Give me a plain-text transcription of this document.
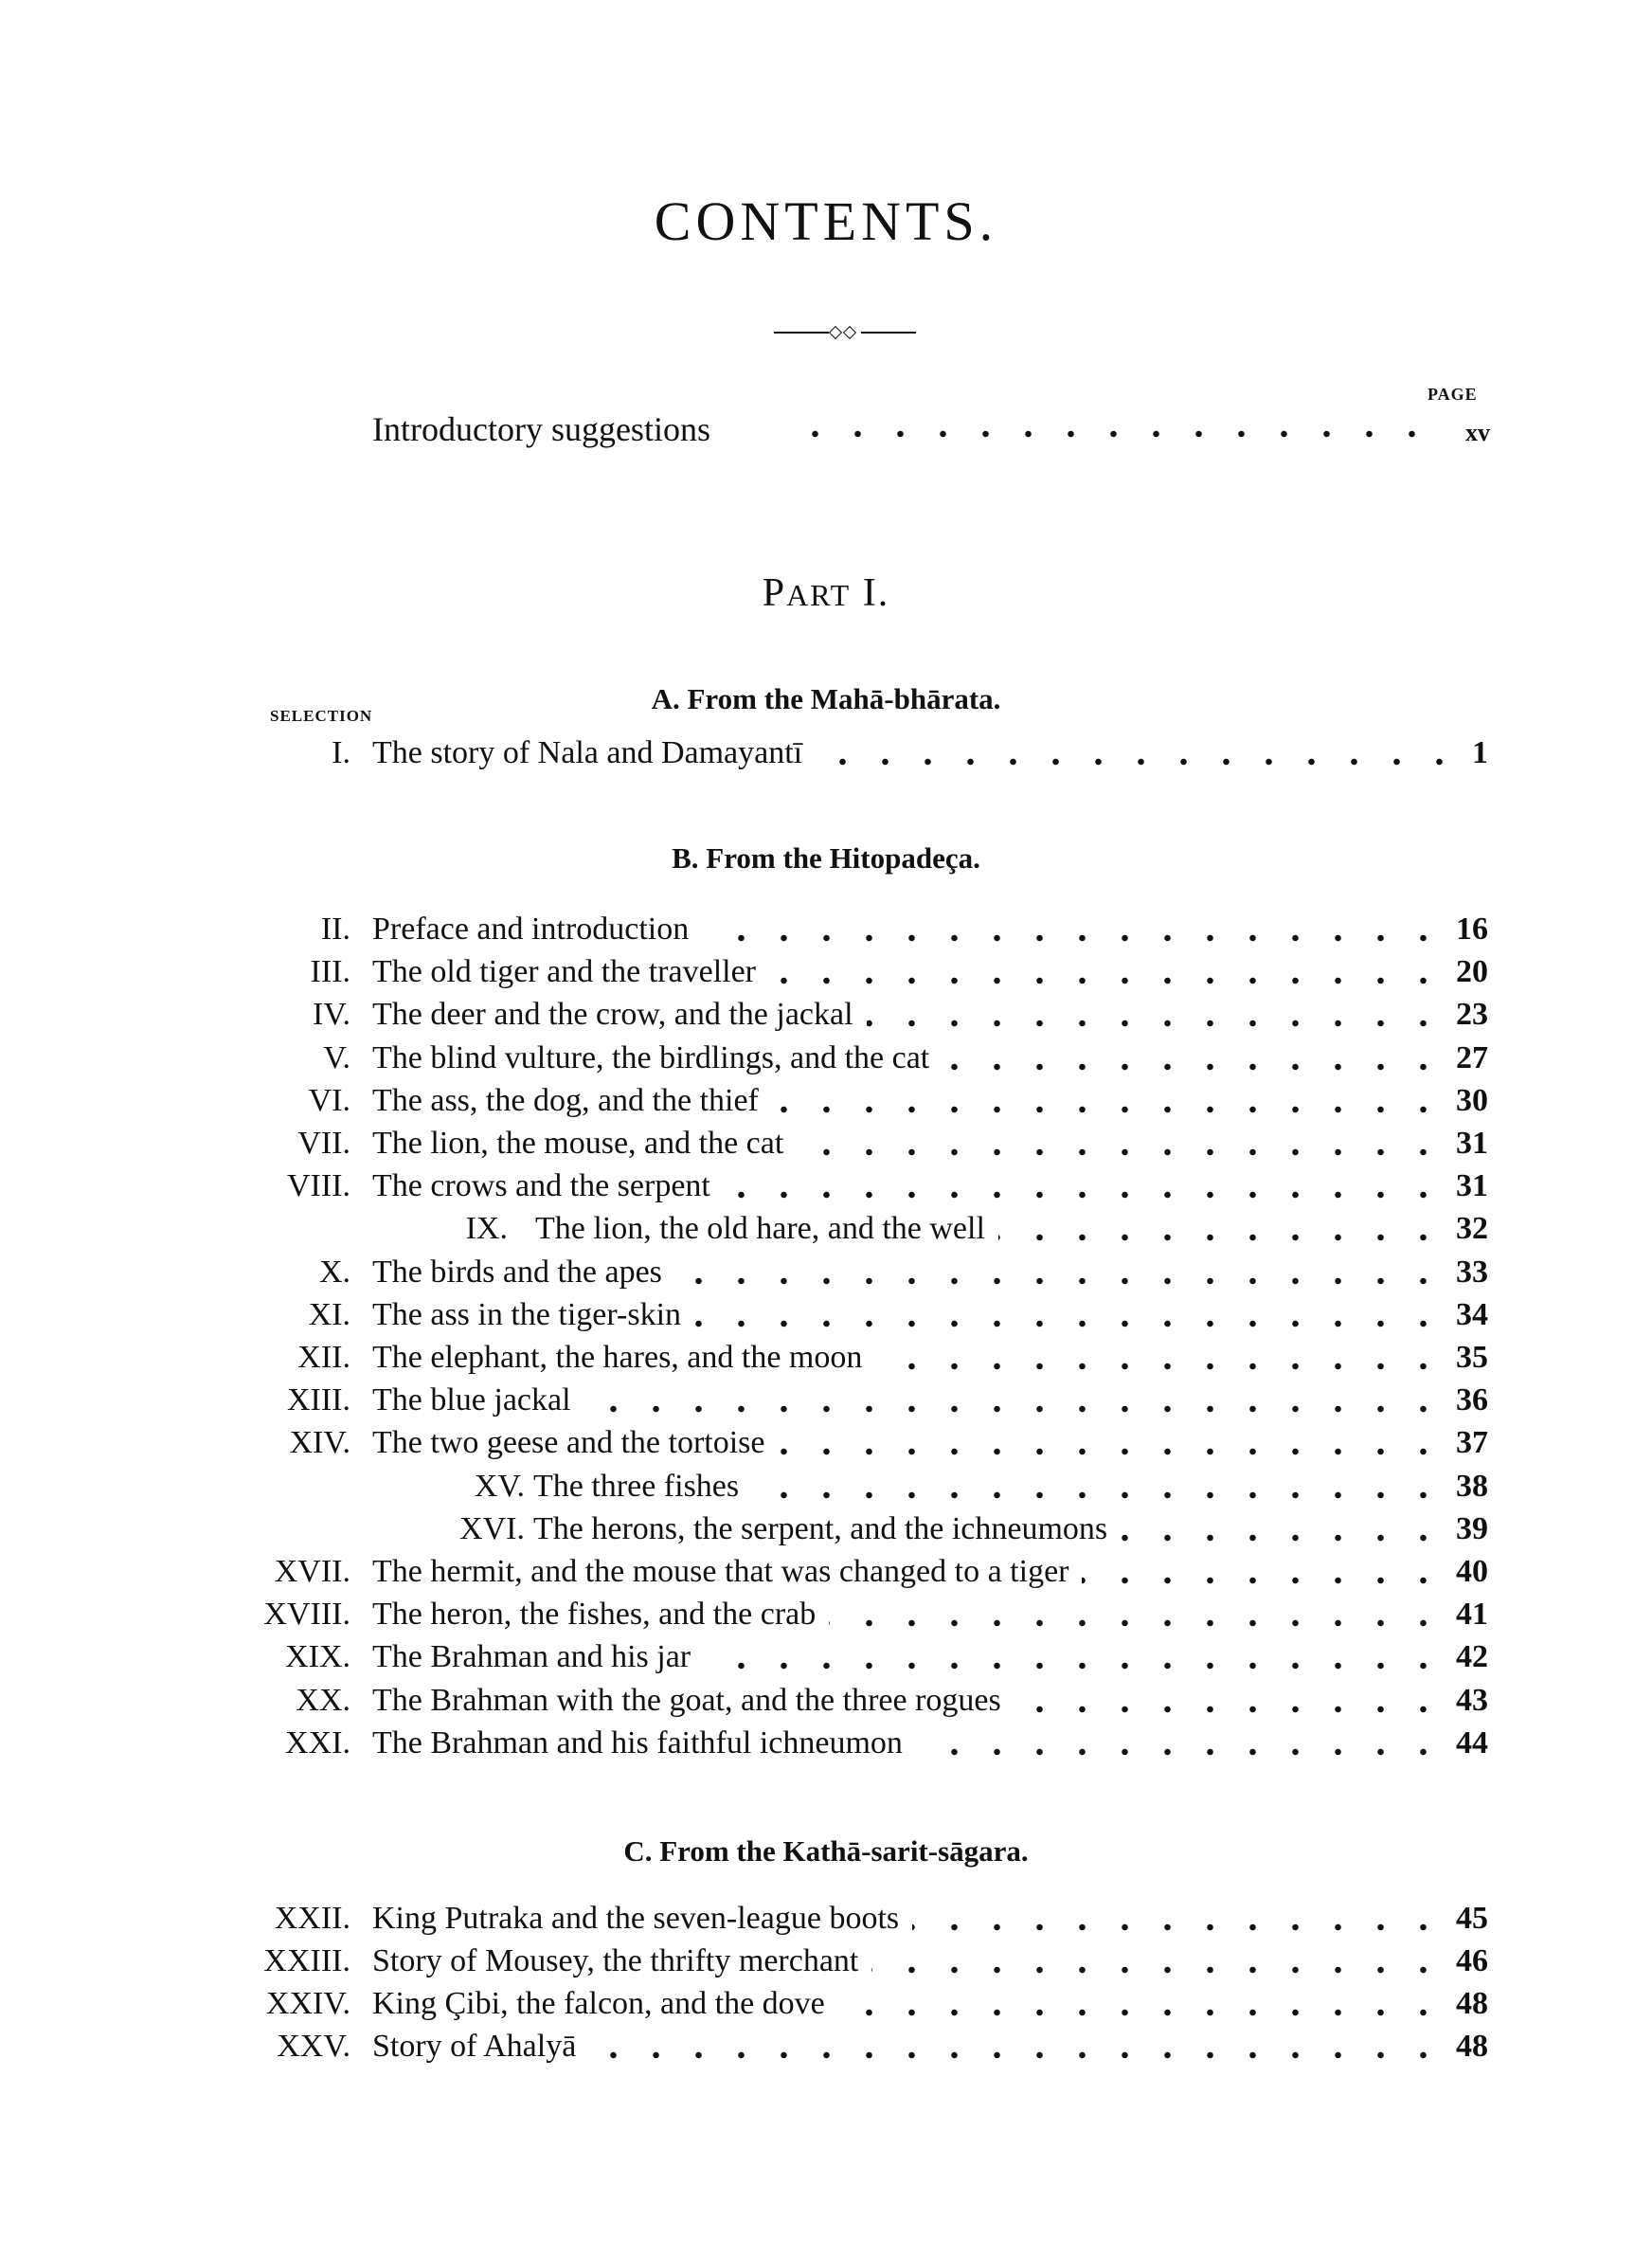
CONTENTS.
PAGE
Introductory suggestions	xv
PART I.
SELECTION
A. From the Mahā-bhārata.
I. The story of Nala and Damayantī	1
B. From the Hitopadeça.
II. Preface and introduction	16
III. The old tiger and the traveller	20
IV. The deer and the crow, and the jackal	23
V. The blind vulture, the birdlings, and the cat	27
VI. The ass, the dog, and the thief	30
VII. The lion, the mouse, and the cat	31
VIII. The crows and the serpent	31
IX. The lion, the old hare, and the well	32
X. The birds and the apes	33
XI. The ass in the tiger-skin	34
XII. The elephant, the hares, and the moon	35
XIII. The blue jackal	36
XIV. The two geese and the tortoise	37
XV. The three fishes	38
XVI. The herons, the serpent, and the ichneumons	39
XVII. The hermit, and the mouse that was changed to a tiger	40
XVIII. The heron, the fishes, and the crab	41
XIX. The Brahman and his jar	42
XX. The Brahman with the goat, and the three rogues	43
XXI. The Brahman and his faithful ichneumon	44
C. From the Kathā-sarit-sāgara.
XXII. King Putraka and the seven-league boots	45
XXIII. Story of Mousey, the thrifty merchant	46
XXIV. King Çibi, the falcon, and the dove	48
XXV. Story of Ahalyā	48
